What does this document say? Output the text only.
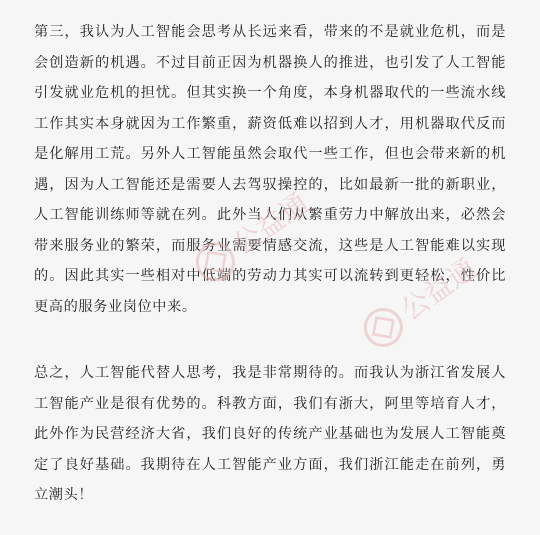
第三，我认为人工智能会思考从长远来看，带来的不是就业危机，而是会创造新的机遇。不过目前正因为机器换人的推进，也引发了人工智能引发就业危机的担忧。但其实换一个角度，本身机器取代的一些流水线工作其实本身就因为工作繁重，薪资低难以招到人才，用机器取代反而是化解用工荒。另外人工智能虽然会取代一些工作，但也会带来新的机遇，因为人工智能还是需要人去驾驭操控的，比如最新一批的新职业，人工智能训练师等就在列。此外当人们从繁重劳力中解放出来，必然会带来服务业的繁荣，而服务业需要情感交流，这些是人工智能难以实现的。因此其实一些相对中低端的劳动力其实可以流转到更轻松，性价比更高的服务业岗位中来。

总之，人工智能代替人思考，我是非常期待的。而我认为浙江省发展人工智能产业是很有优势的。科教方面，我们有浙大，阿里等培育人才，此外作为民营经济大省，我们良好的传统产业基础也为发展人工智能奠定了良好基础。我期待在人工智能产业方面，我们浙江能走在前列，勇立潮头！

公益通
公益通
